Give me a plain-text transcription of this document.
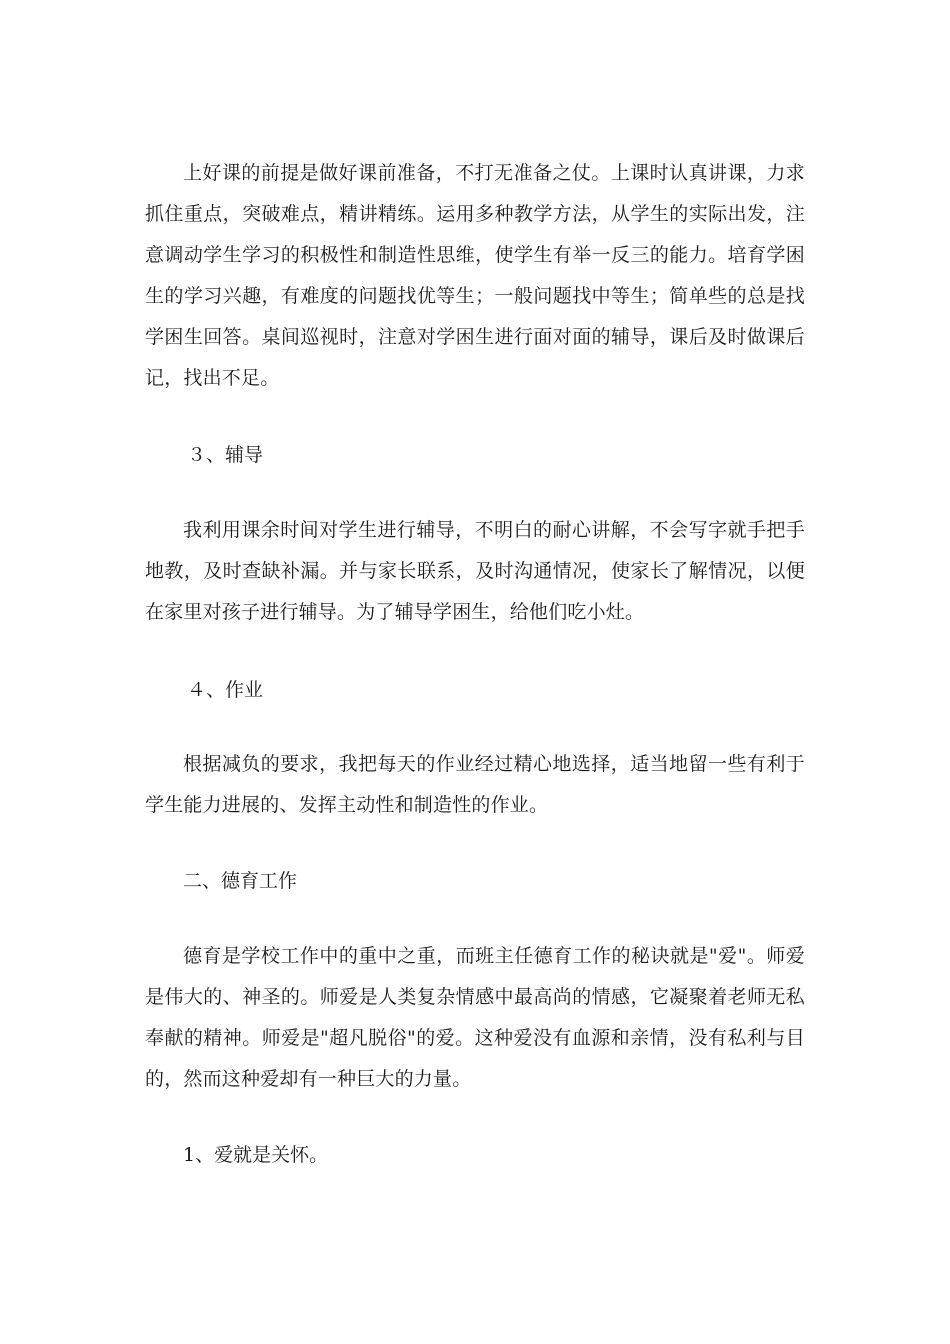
上好课的前提是做好课前准备，不打无准备之仗。上课时认真讲课，力求抓住重点，突破难点，精讲精练。运用多种教学方法，从学生的实际出发，注意调动学生学习的积极性和制造性思维，使学生有举一反三的能力。培育学困生的学习兴趣，有难度的问题找优等生；一般问题找中等生；简单些的总是找学困生回答。桌间巡视时，注意对学困生进行面对面的辅导，课后及时做课后记，找出不足。

３、辅导

我利用课余时间对学生进行辅导，不明白的耐心讲解，不会写字就手把手地教，及时查缺补漏。并与家长联系，及时沟通情况，使家长了解情况，以便在家里对孩子进行辅导。为了辅导学困生，给他们吃小灶。

４、作业

根据减负的要求，我把每天的作业经过精心地选择，适当地留一些有利于学生能力进展的、发挥主动性和制造性的作业。

二、德育工作

德育是学校工作中的重中之重，而班主任德育工作的秘诀就是"爱"。师爱是伟大的、神圣的。师爱是人类复杂情感中最高尚的情感，它凝聚着老师无私奉献的精神。师爱是"超凡脱俗"的爱。这种爱没有血源和亲情，没有私利与目的，然而这种爱却有一种巨大的力量。

1、爱就是关怀。
